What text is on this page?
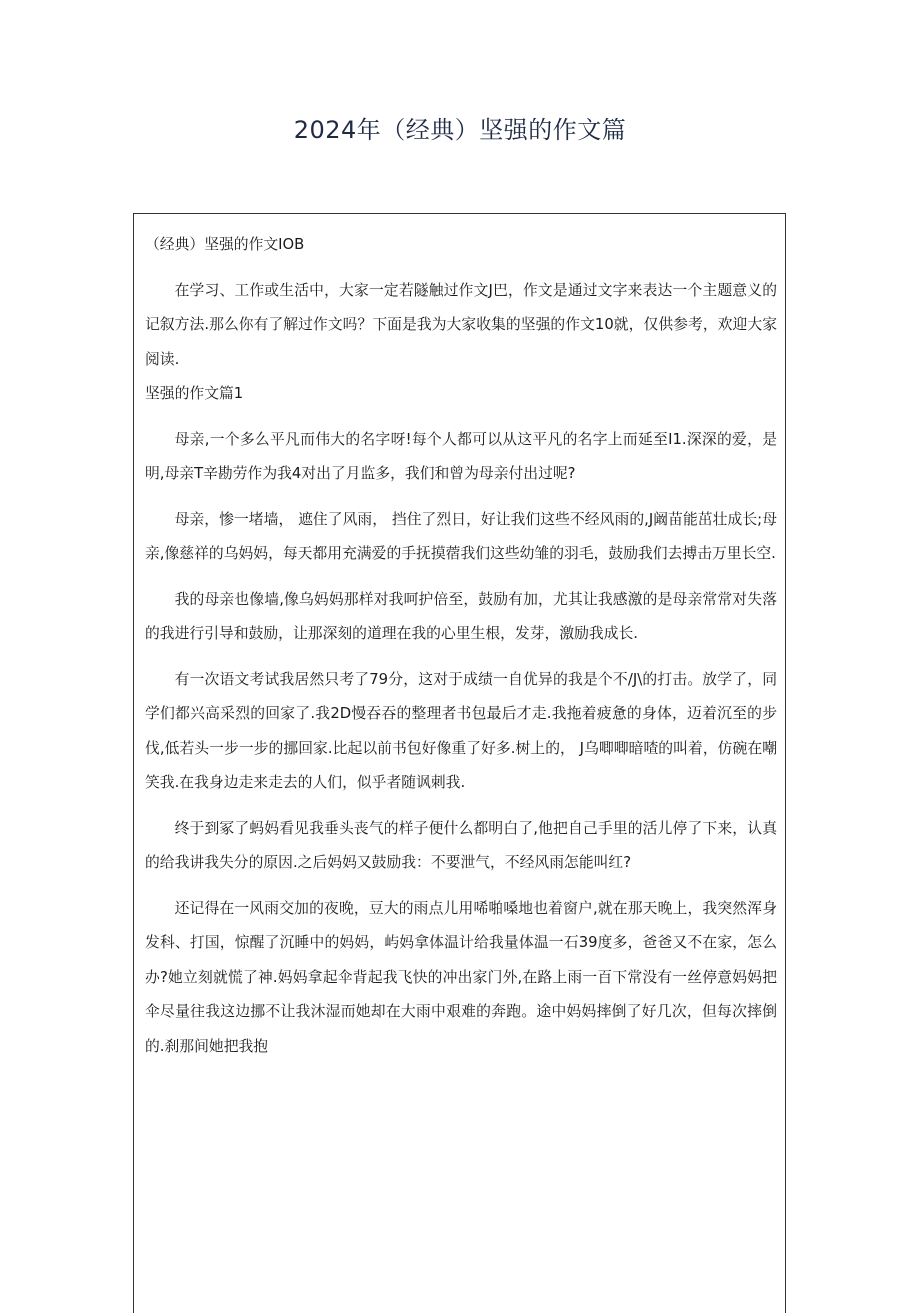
2024年（经典）坚强的作文篇

（经典）坚强的作文IOB

在学习、工作或生活中，大家一定若隧触过作文J巴，作文是通过文字来表达一个主题意义的记叙方法.那么你有了解过作文吗？下面是我为大家收集的坚强的作文10就，仅供参考，欢迎大家阅读.

坚强的作文篇1

母亲,一个多么平凡而伟大的名字呀!每个人都可以从这平凡的名字上而延至I1.深深的爱，是明,母亲T辛勘劳作为我4对出了月监多，我们和曾为母亲付出过呢?

母亲，惨一堵墙， 遮住了风雨， 挡住了烈日，好让我们这些不经风雨的,J阚苗能茁壮成长;母亲,像慈祥的乌妈妈，每天都用充满爱的手抚摸蓿我们这些幼雏的羽毛，鼓励我们去搏击万里长空.

我的母亲也像墙,像乌妈妈那样对我呵护倍至，鼓励有加，尤其让我感激的是母亲常常对失落的我进行引导和鼓励，让那深刻的道理在我的心里生根，发芽，激励我成长.

有一次语文考试我居然只考了79分，这对于成绩一自优异的我是个不/J\的打击。放学了，同学们都兴高采烈的回家了.我2D慢吞吞的整理者书包最后才走.我拖着疲惫的身体，迈着沉至的步伐,低若头一步一步的挪回家.比起以前书包好像重了好多.树上的， J乌唧唧暗喳的叫着，仿碗在嘲笑我.在我身边走来走去的人们，似乎者随讽刺我.

终于到冢了蚂妈看见我垂头丧气的样子便什么都明白了,他把自己手里的活儿停了下来，认真的给我讲我失分的原因.之后妈妈又鼓励我：不要泄气，不经风雨怎能叫红?

还记得在一风雨交加的夜晚，豆大的雨点儿用唏啪嗓地也着窗户,就在那天晚上，我突然浑身发科、打国，惊醒了沉睡中的妈妈，屿妈拿体温计给我量体温一石39度多，爸爸又不在家，怎么办?她立刻就慌了神.妈妈拿起伞背起我飞快的冲出家门外,在路上雨一百下常没有一丝停意妈妈把伞尽量往我这边挪不让我沐湿而她却在大雨中艰难的奔跑。途中妈妈摔倒了好几次，但每次摔倒的.刹那间她把我抱
